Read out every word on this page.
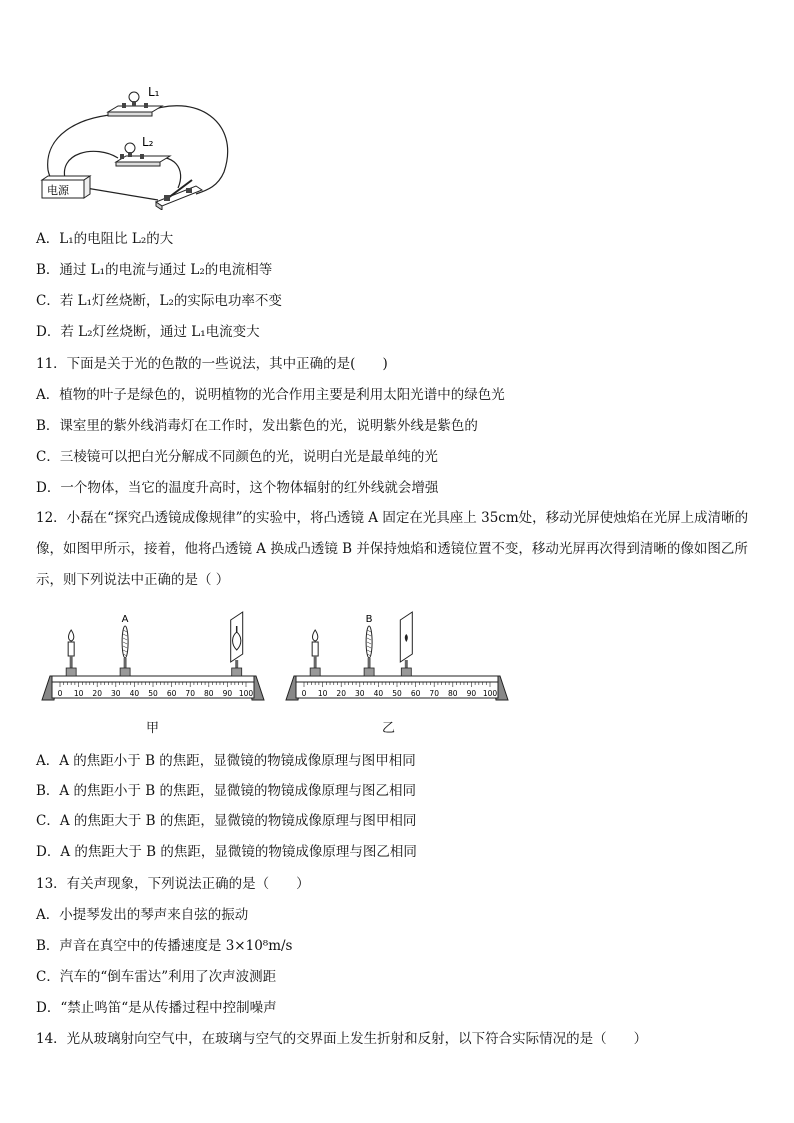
L₁
L₂
电源
A．L₁的电阻比 L₂的大
B．通过 L₁的电流与通过 L₂的电流相等
C．若 L₁灯丝烧断，L₂的实际电功率不变
D．若 L₂灯丝烧断，通过 L₁电流变大
11．下面是关于光的色散的一些说法，其中正确的是(　　)
A．植物的叶子是绿色的，说明植物的光合作用主要是利用太阳光谱中的绿色光
B．课室里的紫外线消毒灯在工作时，发出紫色的光，说明紫外线是紫色的
C．三棱镜可以把白光分解成不同颜色的光，说明白光是最单纯的光
D．一个物体，当它的温度升高时，这个物体辐射的红外线就会增强
12．小磊在“探究凸透镜成像规律”的实验中，将凸透镜 A 固定在光具座上 35cm处，移动光屏使烛焰在光屏上成清晰的像，如图甲所示，接着，他将凸透镜 A 换成凸透镜 B 并保持烛焰和透镜位置不变，移动光屏再次得到清晰的像如图乙所示，则下列说法中正确的是（ ）
0 10 20 30 40 50 60 70 80 90 100
A
0 10 20 30 40 50 60 70 80 90 100
B
甲	乙
A．A 的焦距小于 B 的焦距，显微镜的物镜成像原理与图甲相同
B．A 的焦距小于 B 的焦距，显微镜的物镜成像原理与图乙相同
C．A 的焦距大于 B 的焦距，显微镜的物镜成像原理与图甲相同
D．A 的焦距大于 B 的焦距，显微镜的物镜成像原理与图乙相同
13．有关声现象，下列说法正确的是（　　）
A．小提琴发出的琴声来自弦的振动
B．声音在真空中的传播速度是 3×10⁸m/s
C．汽车的“倒车雷达”利用了次声波测距
D．“禁止鸣笛“是从传播过程中控制噪声
14．光从玻璃射向空气中，在玻璃与空气的交界面上发生折射和反射，以下符合实际情况的是（　　）
